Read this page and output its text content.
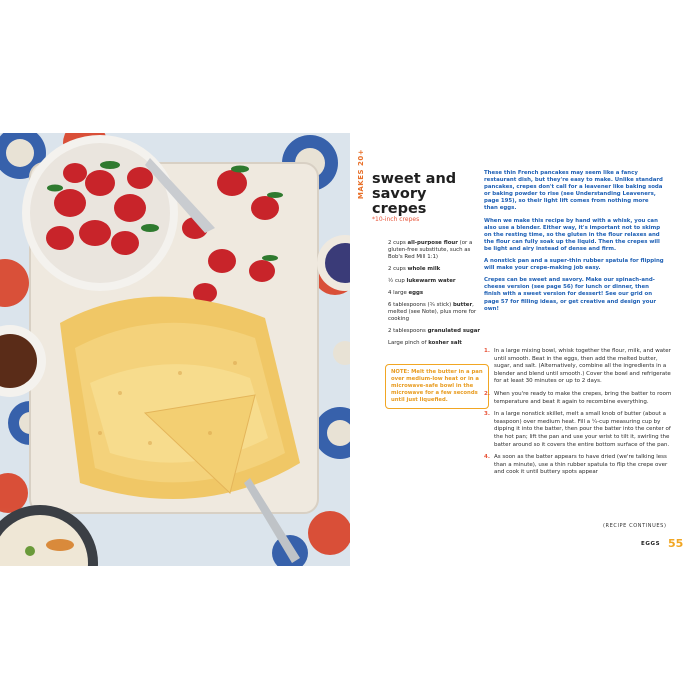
MAKES 20+ sweet and
savory
crepes
*10-inch crepes
2 cups all-purpose flour (or a gluten-free substitute, such as Bob's Red Mill 1:1)
2 cups whole milk
½ cup lukewarm water
4 large eggs
6 tablespoons (¾ stick) butter, melted (see Note), plus more for cooking
2 tablespoons granulated sugar
Large pinch of kosher salt
NOTE: Melt the butter in a pan over medium-low heat or in a microwave-safe bowl in the microwave for a few seconds until just liquefied.

These thin French pancakes may seem like a fancy restaurant dish, but they're easy to make. Unlike standard pancakes, crepes don't call for a leavener like baking soda or baking powder to rise (see Understanding Leaveners, page 195), so their light lift comes from nothing more than eggs.

When we make this recipe by hand with a whisk, you can also use a blender. Either way, it's important not to skimp on the resting time, so the gluten in the flour relaxes and the flour can fully soak up the liquid. Then the crepes will be light and airy instead of dense and firm.

A nonstick pan and a super-thin rubber spatula for flipping will make your crepe-making job easy.

Crepes can be sweet and savory. Make our spinach-and-cheese version (see page 56) for lunch or dinner, then finish with a sweet version for dessert! See our grid on page 57 for filling ideas, or get creative and design your own!

1. In a large mixing bowl, whisk together the flour, milk, and water until smooth. Beat in the eggs, then add the melted butter, sugar, and salt. (Alternatively, combine all the ingredients in a blender and blend until smooth.) Cover the bowl and refrigerate for at least 30 minutes or up to 2 days.
2. When you're ready to make the crepes, bring the batter to room temperature and beat it again to recombine everything.
3. In a large nonstick skillet, melt a small knob of butter (about a teaspoon) over medium heat. Fill a ¼-cup measuring cup by dipping it into the batter, then pour the batter into the center of the hot pan; lift the pan and use your wrist to tilt it, swirling the batter around so it covers the entire bottom surface of the pan.
4. As soon as the batter appears to have dried (we're talking less than a minute), use a thin rubber spatula to flip the crepe over and cook it until buttery spots appear
(RECIPE CONTINUES)
EGGS 55
